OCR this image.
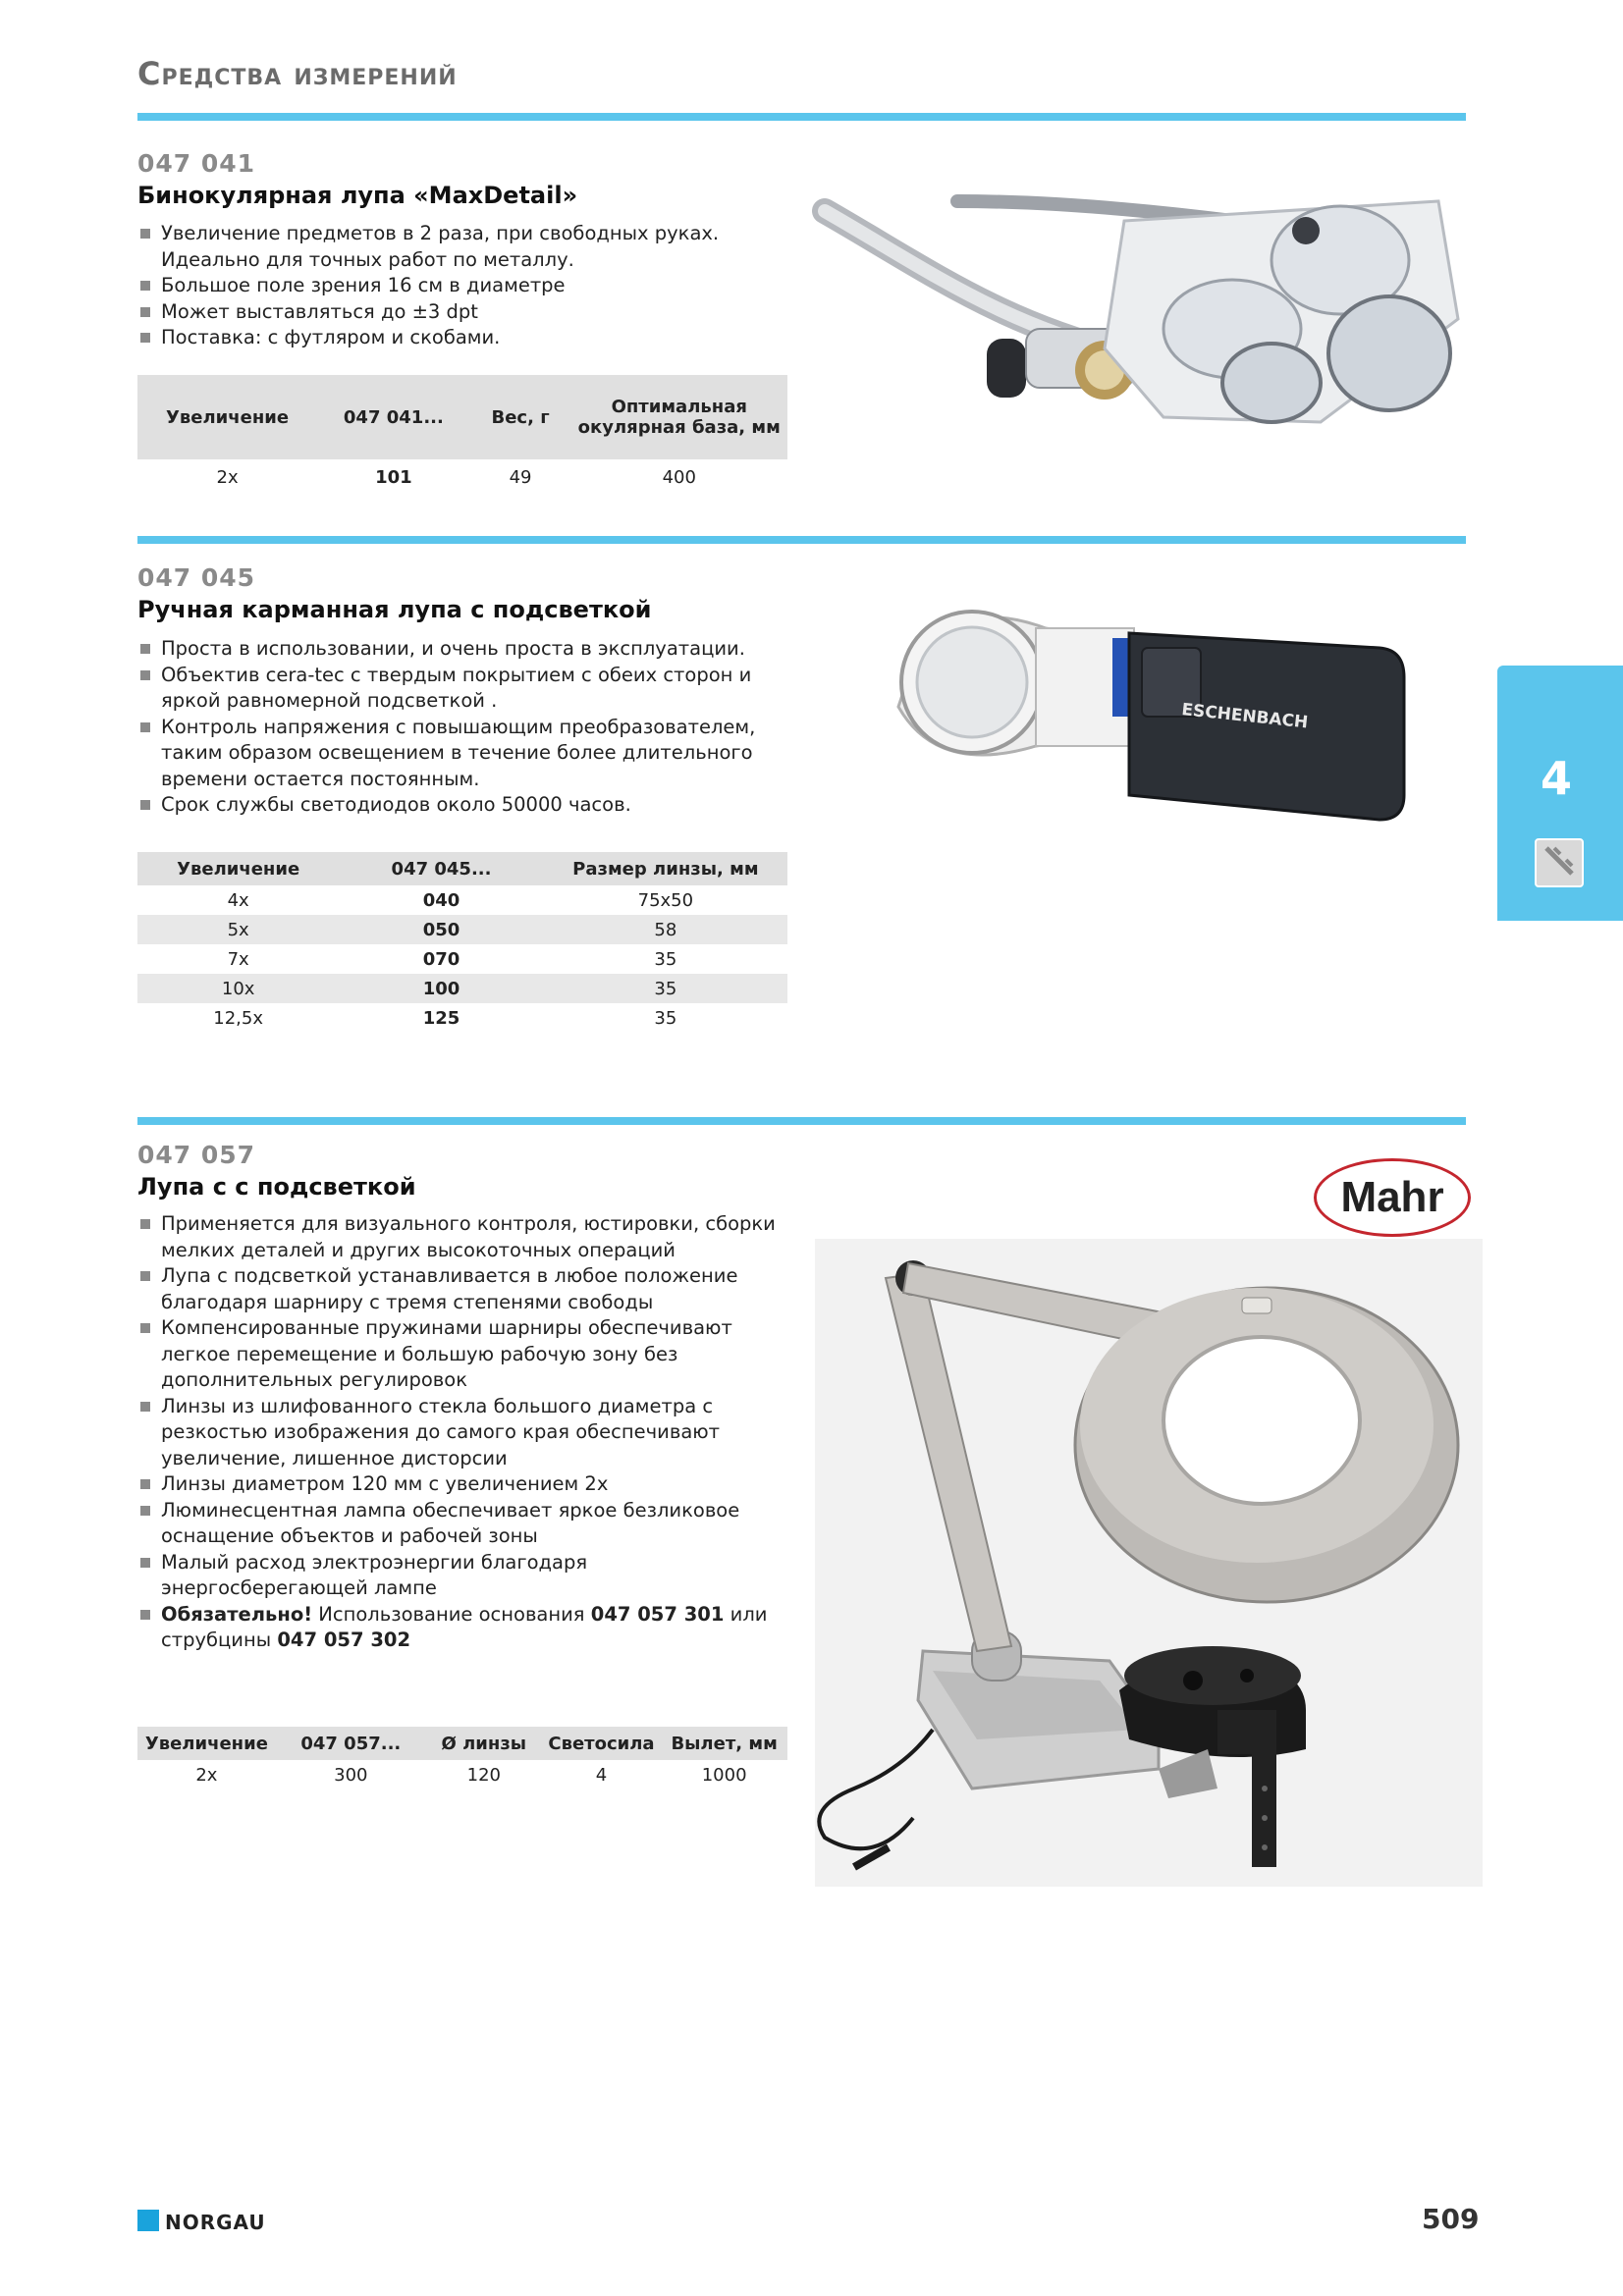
Средства измерений
047 041
Бинокулярная лупа «MaxDetail»
Увеличение предметов в 2 раза, при свободных руках. Идеально для точных работ по металлу.
Большое поле зрения 16 см в диаметре
Может выставляться до ±3 dpt
Поставка: с футляром и скобами.
Увеличение	047 041...	Вес, г	Оптимальная окулярная база, мм
2x	101	49	400
047 045
Ручная карманная лупа с подсветкой
Проста в использовании, и очень проста в эксплуатации.
Объектив cera-tec с твердым покрытием с обеих сторон и яркой равномерной подсветкой .
Контроль напряжения с повышающим преобразователем, таким образом освещением в течение более длительного времени остается постоянным.
Срок службы светодиодов около 50000 часов.
Увеличение	047 045...	Размер линзы, мм
4x	040	75x50
5x	050	58
7x	070	35
10x	100	35
12,5x	125	35
ESCHENBACH
4
047 057
Лупа с с подсветкой	Mahr
Применяется для визуального контроля, юстировки, сборки мелких деталей и других высокоточных операций
Лупа с подсветкой устанавливается в любое положение благодаря шарниру с тремя степенями свободы
Компенсированные пружинами шарниры обеспечивают легкое перемещение и большую рабочую зону без дополнительных регулировок
Линзы из шлифованного стекла большого диаметра с резкостью изображения до самого края обеспечивают увеличение, лишенное дисторсии
Линзы диаметром 120 мм с увеличением 2x
Люминесцентная лампа обеспечивает яркое безликовое оснащение объектов и рабочей зоны
Малый расход электроэнергии благодаря энергосберегающей лампе
Обязательно! Использование основания 047 057 301 или струбцины 047 057 302
Увеличение	047 057...	Ø линзы	Светосила	Вылет, мм
2x	300	120	4	1000
NORGAU	509
